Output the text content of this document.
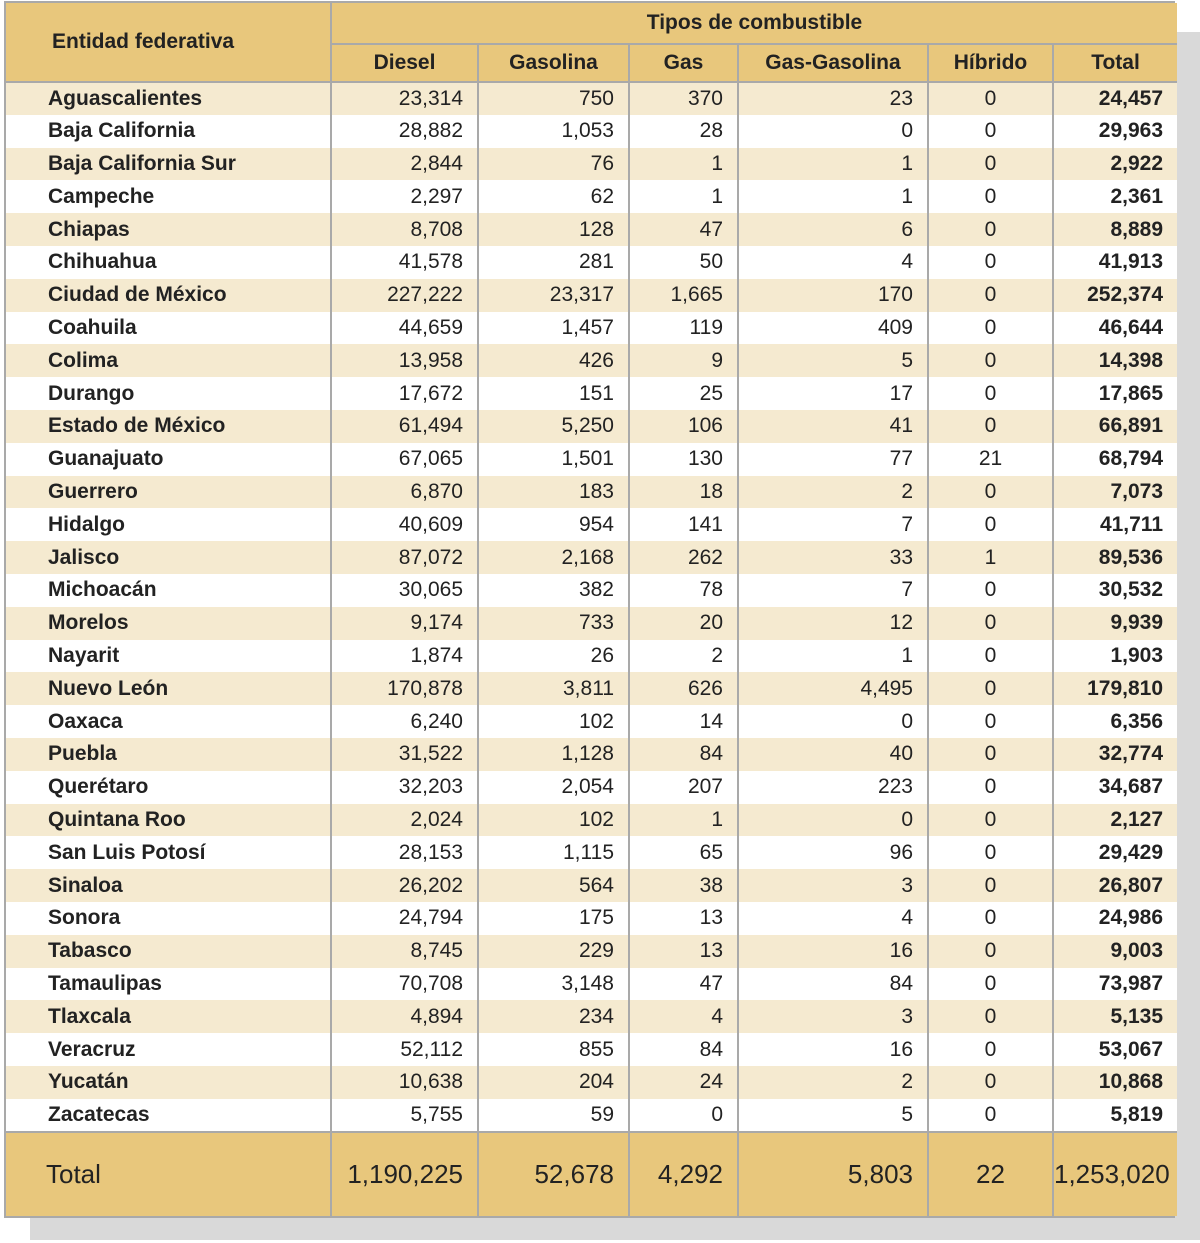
Entidad federativa	Tipos de combustible					
	Diesel	Gasolina	Gas	Gas-Gasolina	Híbrido	Total
Aguascalientes	23,314	750	370	23	0	24,457
Baja California	28,882	1,053	28	0	0	29,963
Baja California Sur	2,844	76	1	1	0	2,922
Campeche	2,297	62	1	1	0	2,361
Chiapas	8,708	128	47	6	0	8,889
Chihuahua	41,578	281	50	4	0	41,913
Ciudad de México	227,222	23,317	1,665	170	0	252,374
Coahuila	44,659	1,457	119	409	0	46,644
Colima	13,958	426	9	5	0	14,398
Durango	17,672	151	25	17	0	17,865
Estado de México	61,494	5,250	106	41	0	66,891
Guanajuato	67,065	1,501	130	77	21	68,794
Guerrero	6,870	183	18	2	0	7,073
Hidalgo	40,609	954	141	7	0	41,711
Jalisco	87,072	2,168	262	33	1	89,536
Michoacán	30,065	382	78	7	0	30,532
Morelos	9,174	733	20	12	0	9,939
Nayarit	1,874	26	2	1	0	1,903
Nuevo León	170,878	3,811	626	4,495	0	179,810
Oaxaca	6,240	102	14	0	0	6,356
Puebla	31,522	1,128	84	40	0	32,774
Querétaro	32,203	2,054	207	223	0	34,687
Quintana Roo	2,024	102	1	0	0	2,127
San Luis Potosí	28,153	1,115	65	96	0	29,429
Sinaloa	26,202	564	38	3	0	26,807
Sonora	24,794	175	13	4	0	24,986
Tabasco	8,745	229	13	16	0	9,003
Tamaulipas	70,708	3,148	47	84	0	73,987
Tlaxcala	4,894	234	4	3	0	5,135
Veracruz	52,112	855	84	16	0	53,067
Yucatán	10,638	204	24	2	0	10,868
Zacatecas	5,755	59	0	5	0	5,819
Total	1,190,225	52,678	4,292	5,803	22	1,253,020
